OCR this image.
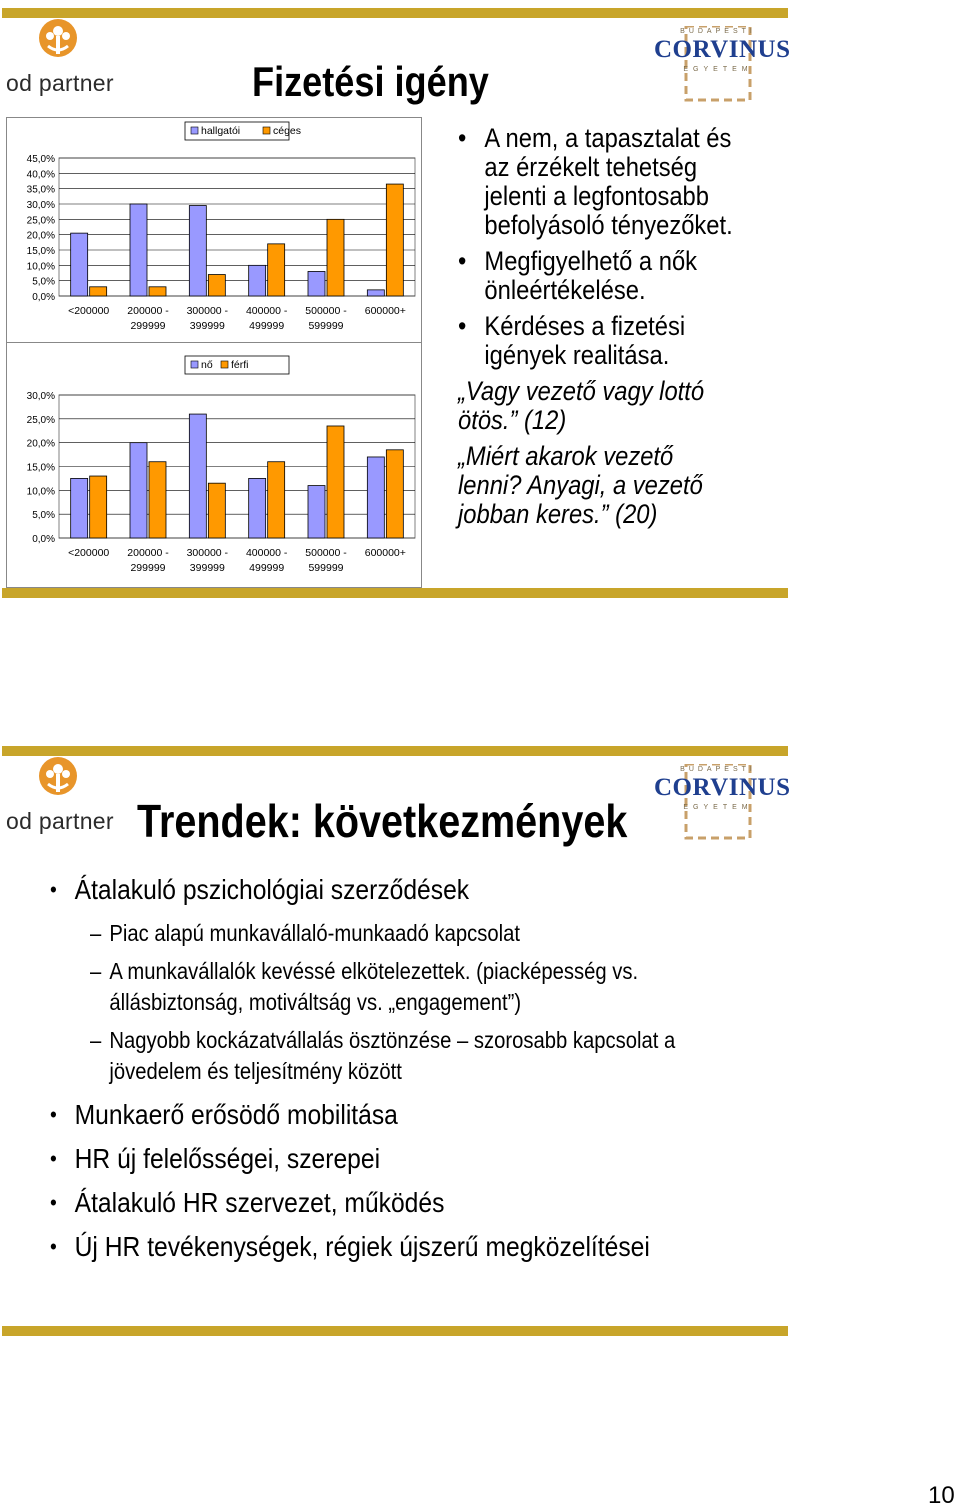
od partner	Fizetési igény
BUDAPESTI
CORVINUS
EGYETEM
0,0%
5,0%
10,0%
15,0%
20,0%
25,0%
30,0%
35,0%
40,0%
45,0%
<200000 200000 -
299999
300000 -
399999
400000 -
499999
500000 -
599999
600000+
hallgatói	céges
0,0%
5,0%
10,0%
15,0%
20,0%
25,0%
30,0%
<200000 200000 -
299999
300000 -
399999
400000 -
499999
500000 -
599999
600000+
nő férfi
• A nem, a tapasztalat és az érzékelt tehetség jelenti a legfontosabb befolyásoló tényezőket.
• Megfigyelhető a nők önleértékelése.
• Kérdéses a fizetési igények realitása.
„Vagy vezető vagy lottó ötös.” (12)
„Miért akarok vezető lenni? Anyagi, a vezető jobban keres.” (20)
od partner Trendek: következmények
BUDAPESTI
CORVINUS
EGYETEM
• Átalakuló pszichológiai szerződések
– Piac alapú munkavállaló-munkaadó kapcsolat
– A munkavállalók kevéssé elkötelezettek. (piacképesség vs. állásbiztonság, motiváltság vs. „engagement”)
– Nagyobb kockázatvállalás ösztönzése – szorosabb kapcsolat a jövedelem és teljesítmény között
• Munkaerő erősödő mobilitása
• HR új felelősségei, szerepei
• Átalakuló HR szervezet, működés
• Új HR tevékenységek, régiek újszerű megközelítései
10
